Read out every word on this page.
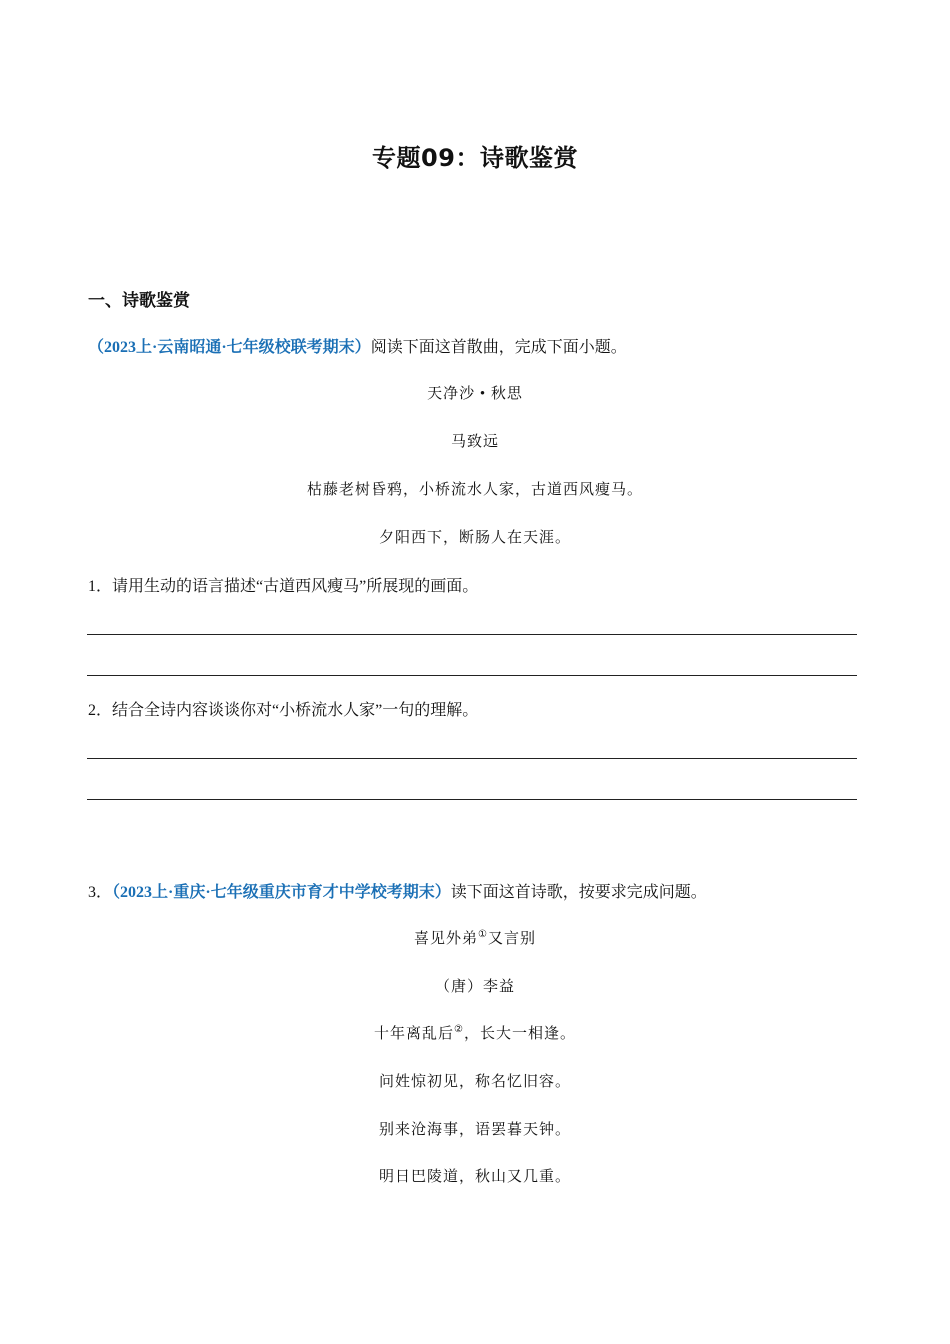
专题09：诗歌鉴赏
一、诗歌鉴赏
（2023上·云南昭通·七年级校联考期末）阅读下面这首散曲，完成下面小题。
天净沙 • 秋思
马致远
枯藤老树昏鸦，小桥流水人家，古道西风瘦马。
夕阳西下，断肠人在天涯。
1．请用生动的语言描述“古道西风瘦马”所展现的画面。
2．结合全诗内容谈谈你对“小桥流水人家”一句的理解。
3．（2023上·重庆·七年级重庆市育才中学校考期末）读下面这首诗歌，按要求完成问题。
喜见外弟①又言别
（唐）李益
十年离乱后②，长大一相逢。
问姓惊初见，称名忆旧容。
别来沧海事，语罢暮天钟。
明日巴陵道，秋山又几重。
